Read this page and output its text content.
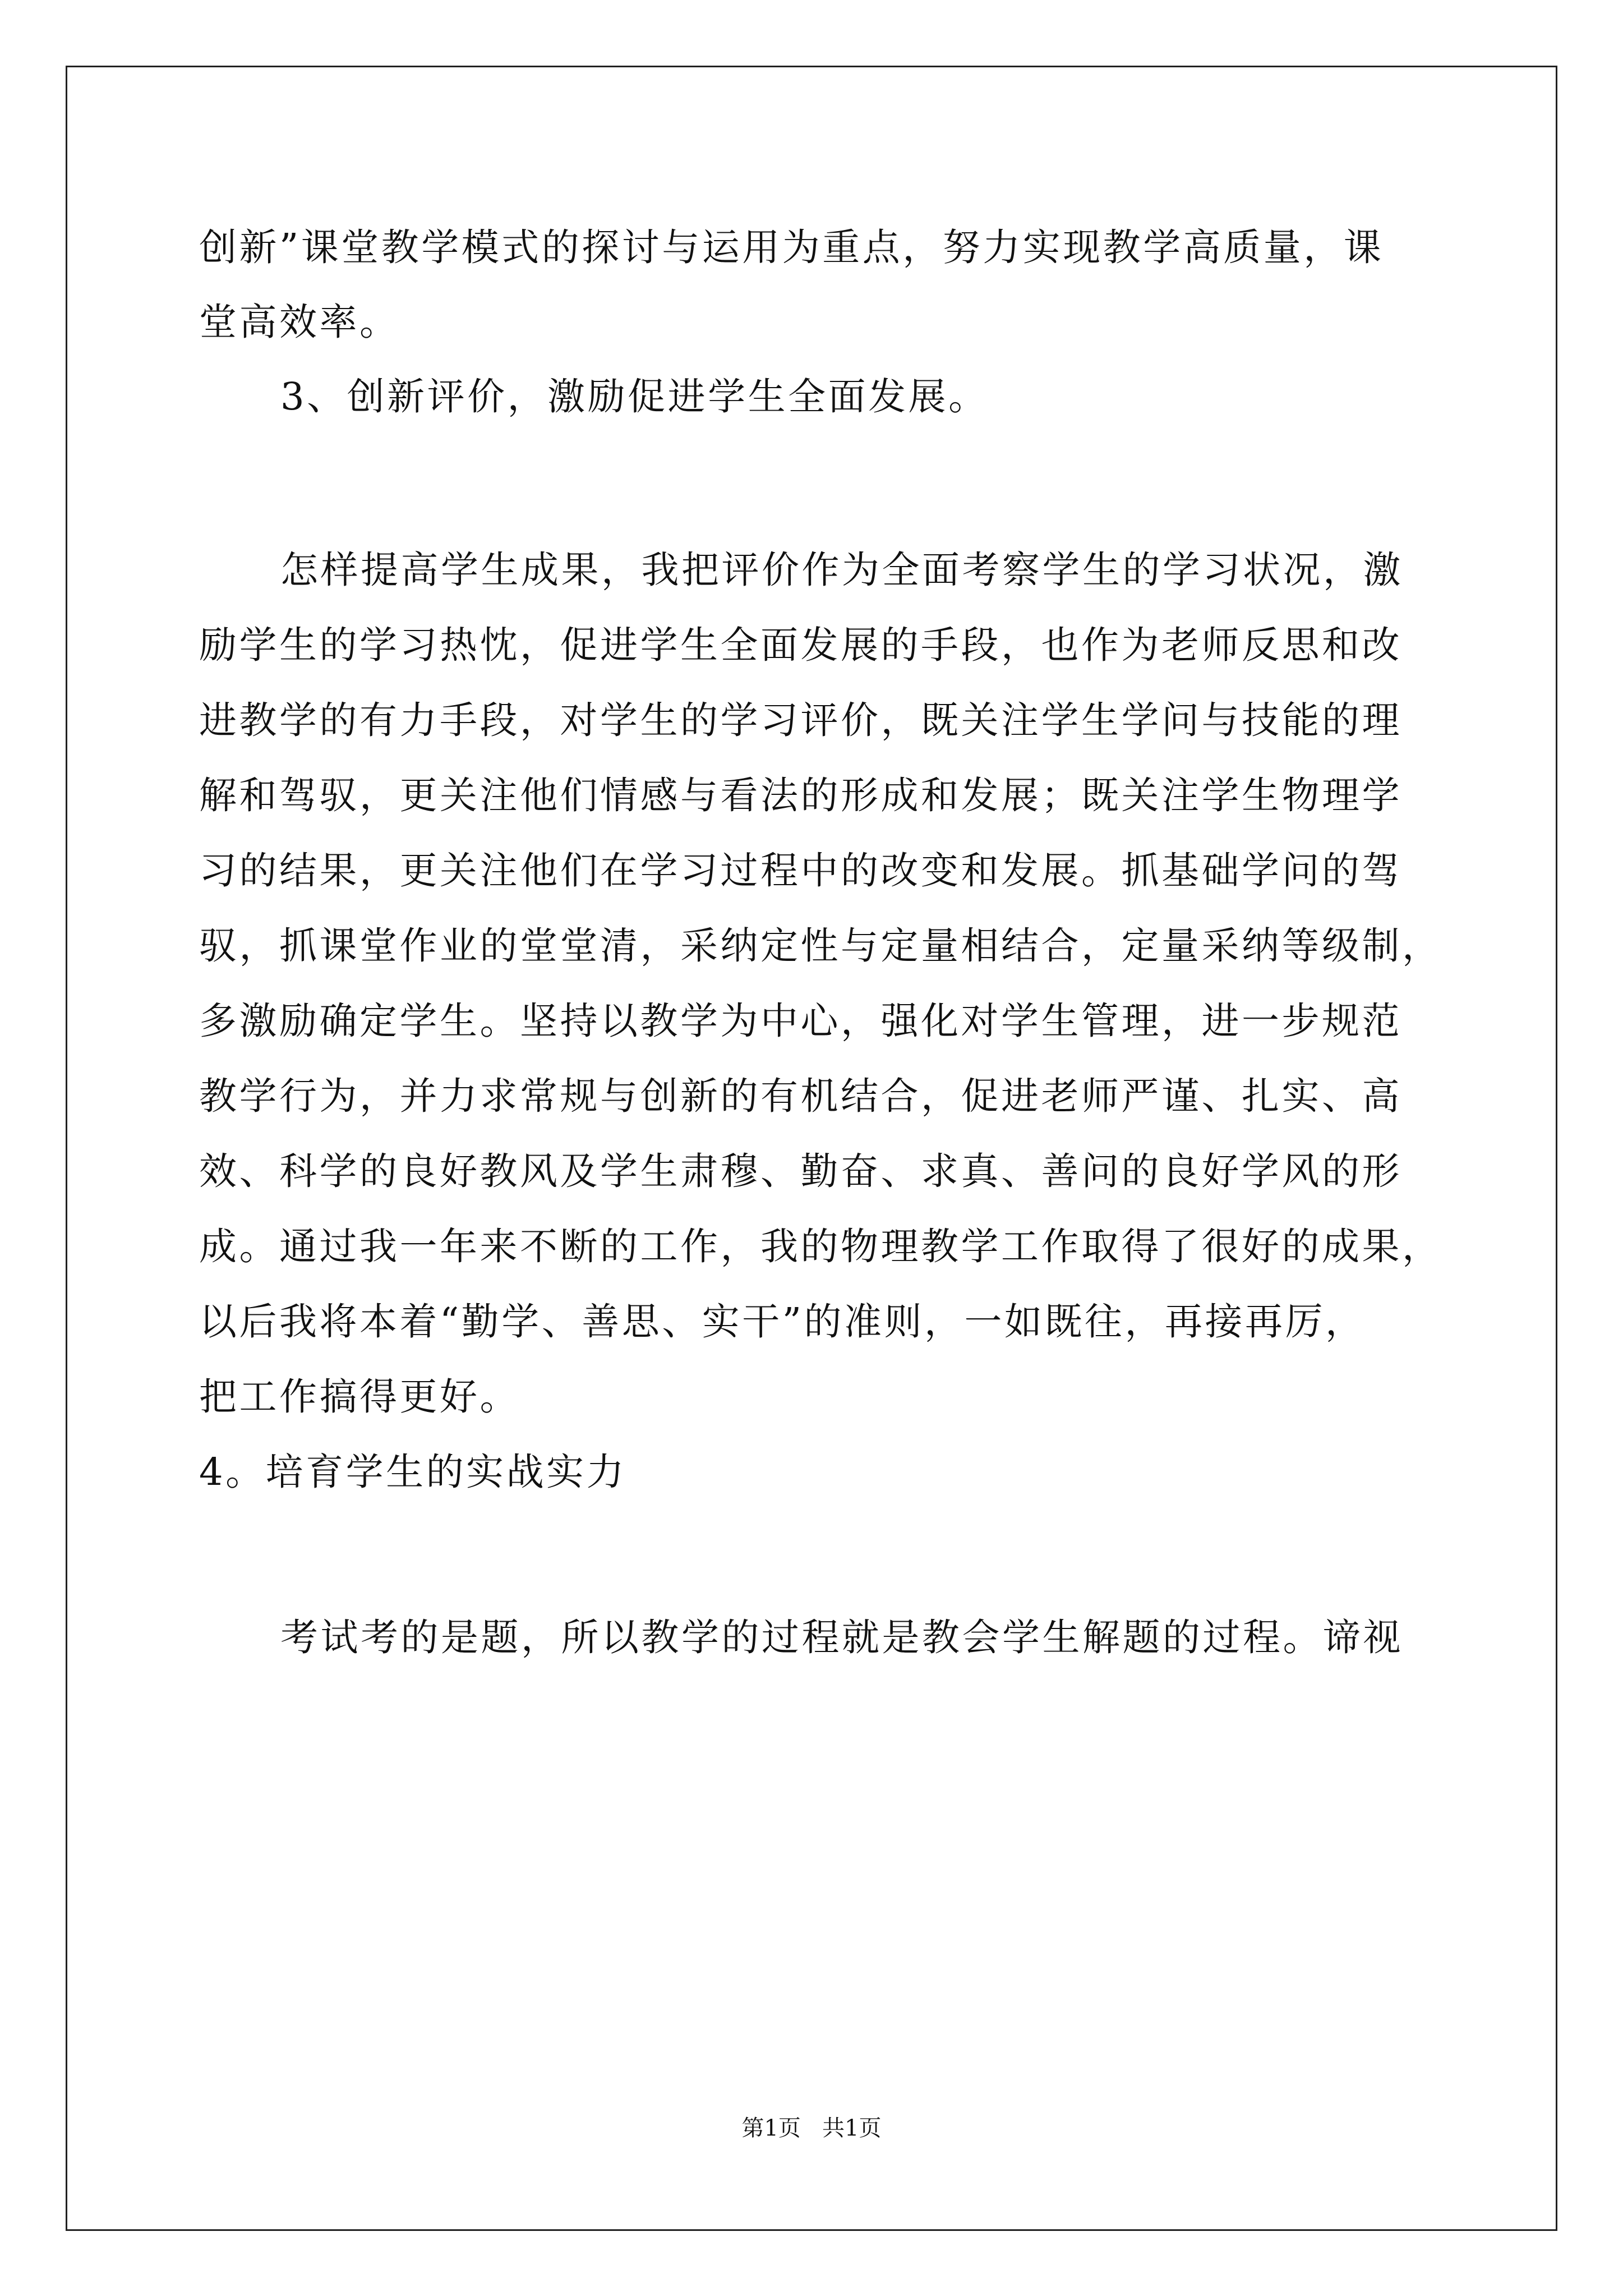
创新”课堂教学模式的探讨与运用为重点，努力实现教学高质量，课
堂高效率。
3、创新评价，激励促进学生全面发展。
怎样提高学生成果，我把评价作为全面考察学生的学习状况，激
励学生的学习热忱，促进学生全面发展的手段，也作为老师反思和改
进教学的有力手段，对学生的学习评价，既关注学生学问与技能的理
解和驾驭，更关注他们情感与看法的形成和发展；既关注学生物理学
习的结果，更关注他们在学习过程中的改变和发展。抓基础学问的驾
驭，抓课堂作业的堂堂清，采纳定性与定量相结合，定量采纳等级制，
多激励确定学生。坚持以教学为中心，强化对学生管理，进一步规范
教学行为，并力求常规与创新的有机结合，促进老师严谨、扎实、高
效、科学的良好教风及学生肃穆、勤奋、求真、善问的良好学风的形
成。通过我一年来不断的工作，我的物理教学工作取得了很好的成果，
以后我将本着“勤学、善思、实干”的准则，一如既往，再接再厉，
把工作搞得更好。
4。培育学生的实战实力
考试考的是题，所以教学的过程就是教会学生解题的过程。谛视
第1页   共1页
